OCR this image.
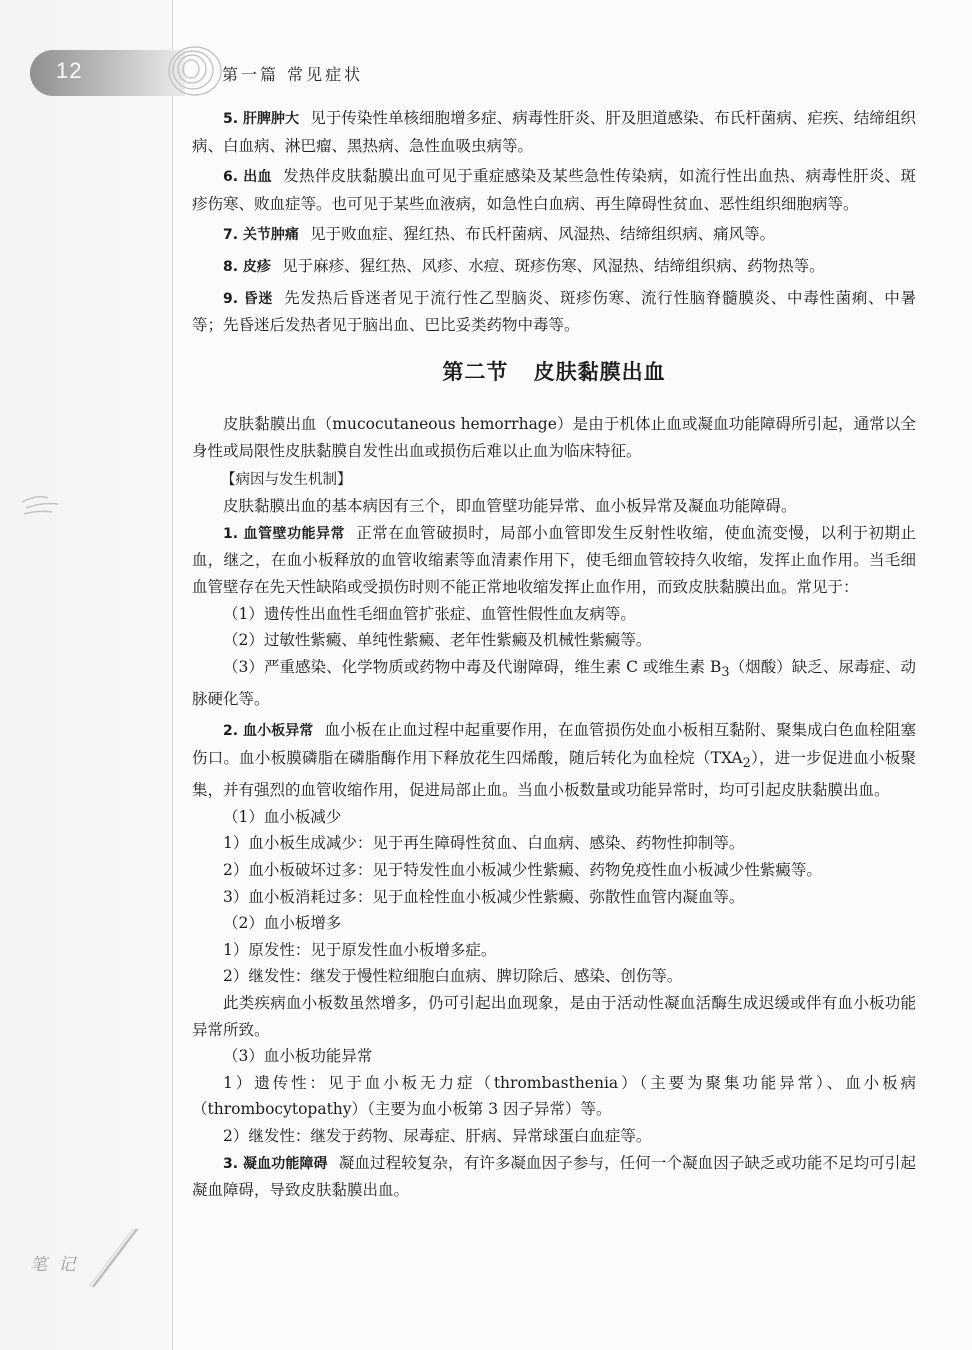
12	第一篇 常见症状
笔 记

5. 肝脾肿大 见于传染性单核细胞增多症、病毒性肝炎、肝及胆道感染、布氏杆菌病、疟疾、结缔组织病、白血病、淋巴瘤、黑热病、急性血吸虫病等。

6. 出血 发热伴皮肤黏膜出血可见于重症感染及某些急性传染病，如流行性出血热、病毒性肝炎、斑疹伤寒、败血症等。也可见于某些血液病，如急性白血病、再生障碍性贫血、恶性组织细胞病等。

7. 关节肿痛 见于败血症、猩红热、布氏杆菌病、风湿热、结缔组织病、痛风等。

8. 皮疹 见于麻疹、猩红热、风疹、水痘、斑疹伤寒、风湿热、结缔组织病、药物热等。

9. 昏迷 先发热后昏迷者见于流行性乙型脑炎、斑疹伤寒、流行性脑脊髓膜炎、中毒性菌痢、中暑等；先昏迷后发热者见于脑出血、巴比妥类药物中毒等。

第二节 皮肤黏膜出血

皮肤黏膜出血（mucocutaneous hemorrhage）是由于机体止血或凝血功能障碍所引起，通常以全身性或局限性皮肤黏膜自发性出血或损伤后难以止血为临床特征。

【病因与发生机制】

皮肤黏膜出血的基本病因有三个，即血管壁功能异常、血小板异常及凝血功能障碍。

1. 血管壁功能异常 正常在血管破损时，局部小血管即发生反射性收缩，使血流变慢，以利于初期止血，继之，在血小板释放的血管收缩素等血清素作用下，使毛细血管较持久收缩，发挥止血作用。当毛细血管壁存在先天性缺陷或受损伤时则不能正常地收缩发挥止血作用，而致皮肤黏膜出血。常见于：

（1）遗传性出血性毛细血管扩张症、血管性假性血友病等。

（2）过敏性紫癜、单纯性紫癜、老年性紫癜及机械性紫癜等。

（3）严重感染、化学物质或药物中毒及代谢障碍，维生素 C 或维生素 $B_3$（烟酸）缺乏、尿毒症、动脉硬化等。

2. 血小板异常 血小板在止血过程中起重要作用，在血管损伤处血小板相互黏附、聚集成白色血栓阻塞伤口。血小板膜磷脂在磷脂酶作用下释放花生四烯酸，随后转化为血栓烷$(TXA_2)$，进一步促进血小板聚集，并有强烈的血管收缩作用，促进局部止血。当血小板数量或功能异常时，均可引起皮肤黏膜出血。

（1）血小板减少

1）血小板生成减少：见于再生障碍性贫血、白血病、感染、药物性抑制等。

2）血小板破坏过多：见于特发性血小板减少性紫癜、药物免疫性血小板减少性紫癜等。

3）血小板消耗过多：见于血栓性血小板减少性紫癜、弥散性血管内凝血等。

（2）血小板增多

1）原发性：见于原发性血小板增多症。

2）继发性：继发于慢性粒细胞白血病、脾切除后、感染、创伤等。

此类疾病血小板数虽然增多，仍可引起出血现象，是由于活动性凝血活酶生成迟缓或伴有血小板功能异常所致。

（3）血小板功能异常

1）遗传性：见于血小板无力症（thrombasthenia）（主要为聚集功能异常）、血小板病（thrombocytopathy）（主要为血小板第 3 因子异常）等。

2）继发性：继发于药物、尿毒症、肝病、异常球蛋白血症等。

3. 凝血功能障碍 凝血过程较复杂，有许多凝血因子参与，任何一个凝血因子缺乏或功能不足均可引起凝血障碍，导致皮肤黏膜出血。
